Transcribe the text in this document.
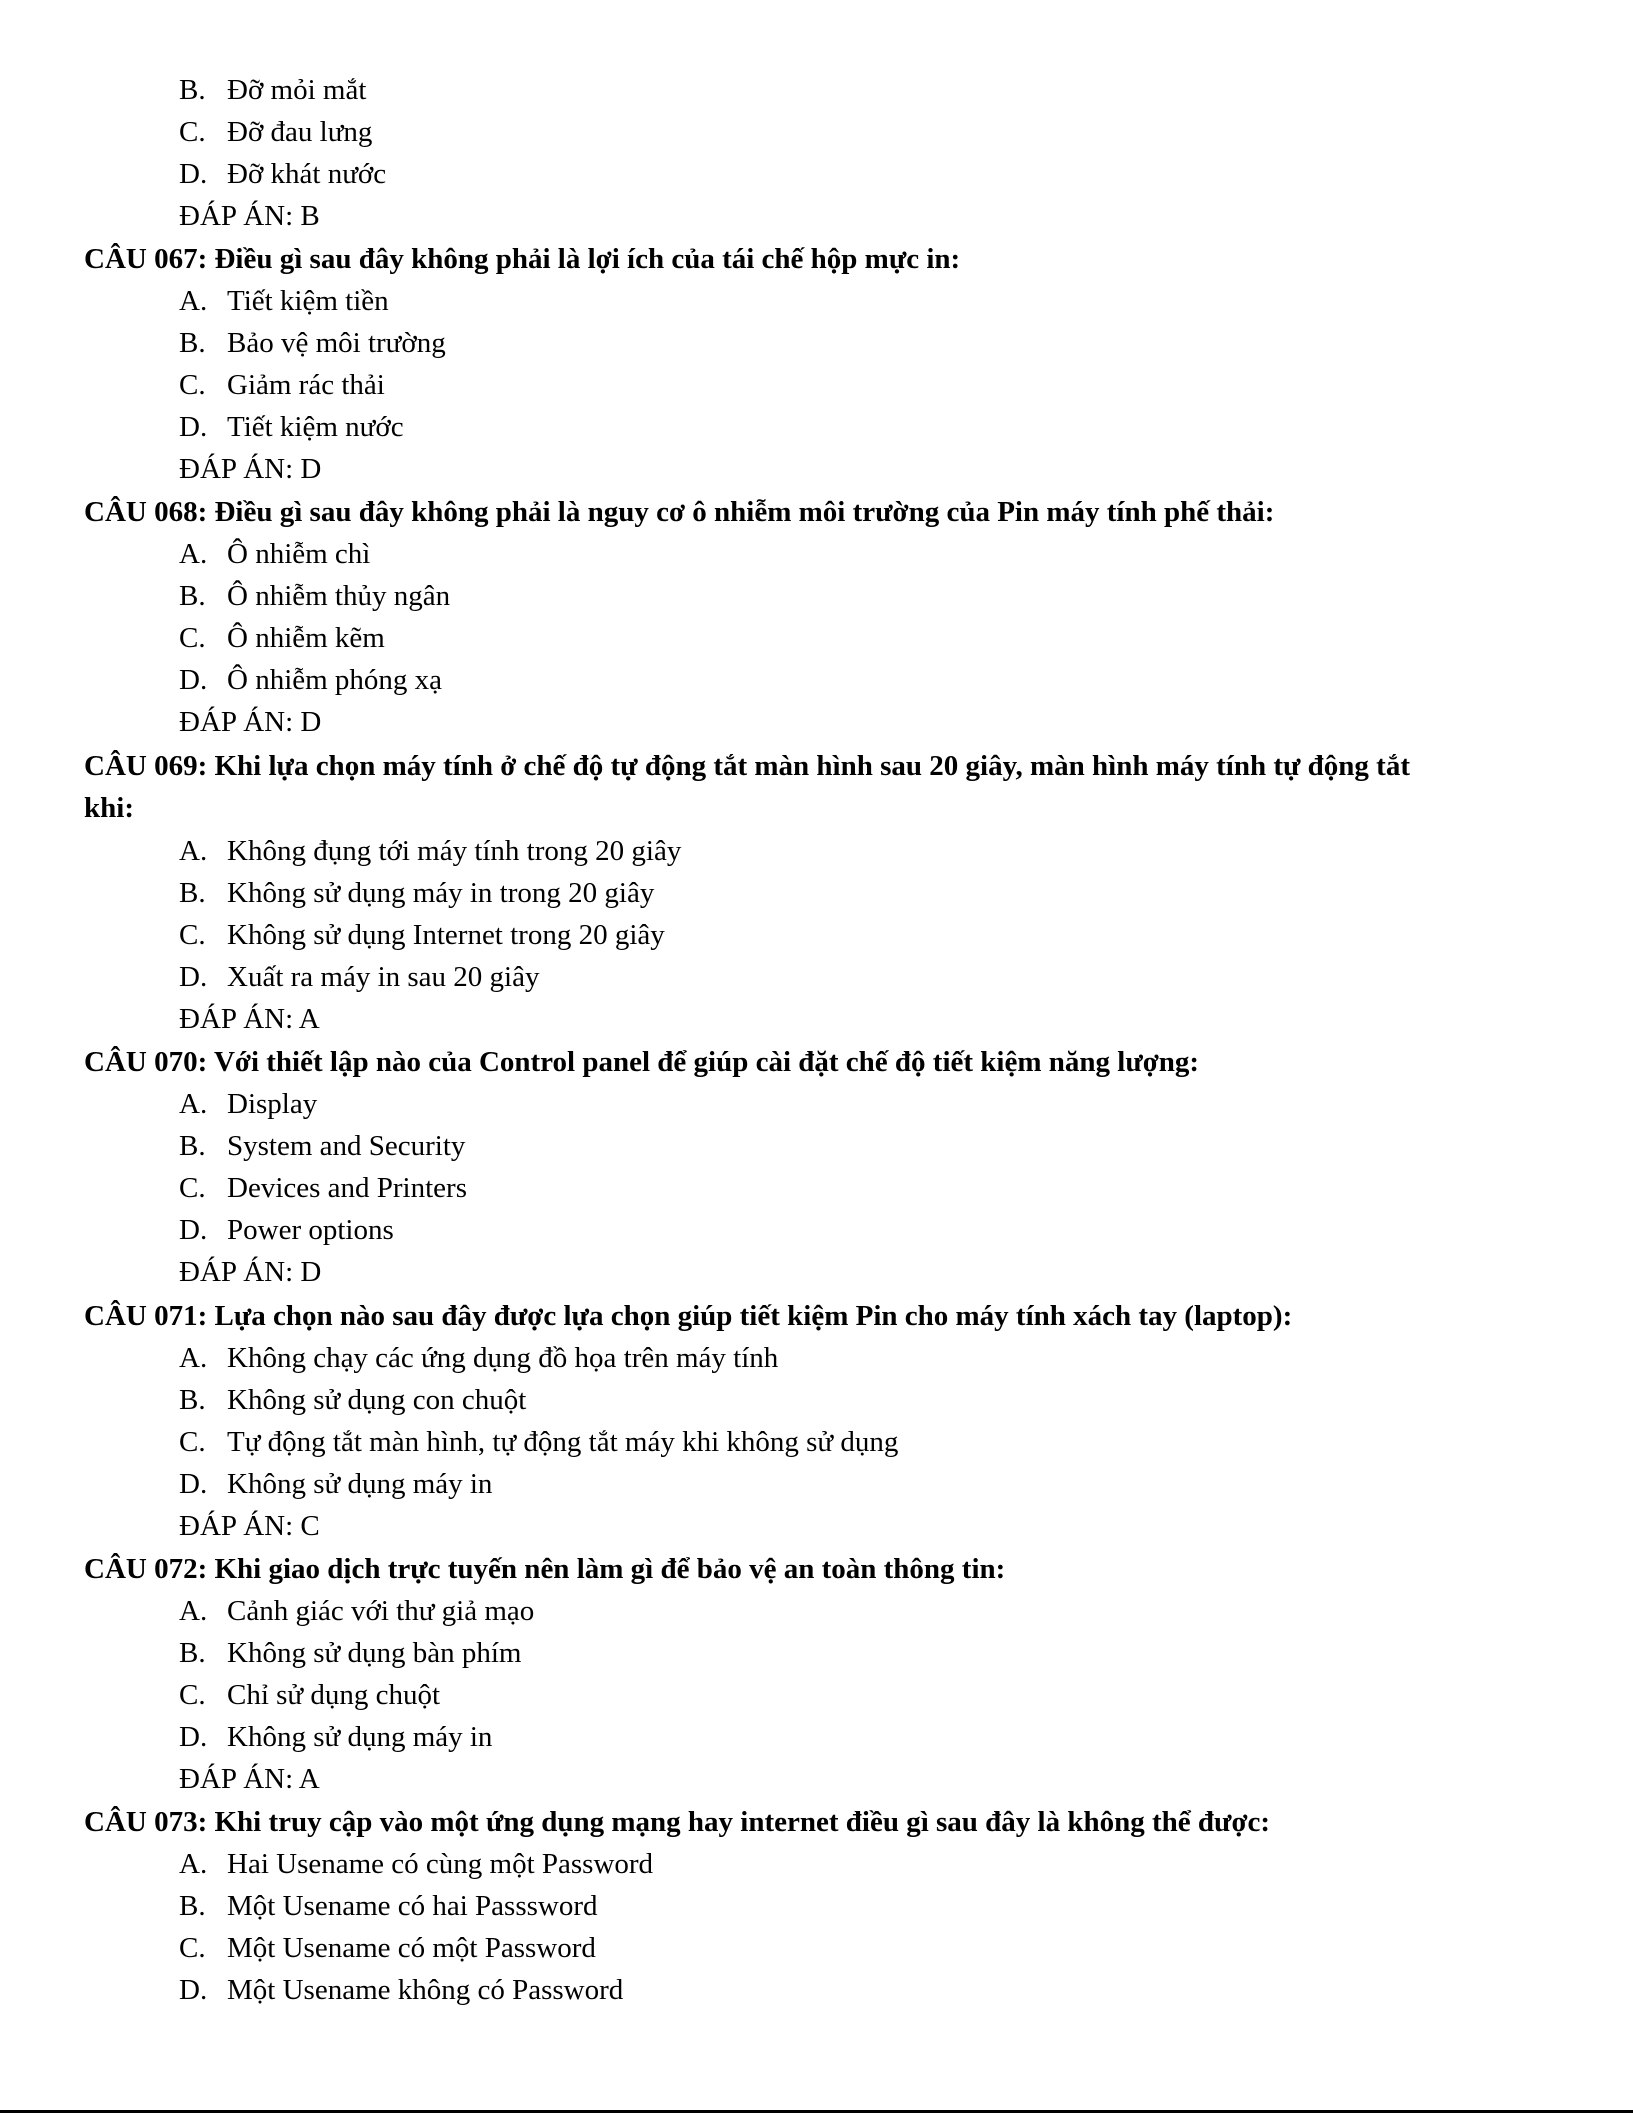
B. Đỡ mỏi mắt
C. Đỡ đau lưng
D. Đỡ khát nước
ĐÁP ÁN: B
CÂU 067: Điều gì sau đây không phải là lợi ích của tái chế hộp mực in:
A. Tiết kiệm tiền
B. Bảo vệ môi trường
C. Giảm rác thải
D. Tiết kiệm nước
ĐÁP ÁN: D
CÂU 068: Điều gì sau đây không phải là nguy cơ ô nhiễm môi trường của Pin máy tính phế thải:
A. Ô nhiễm chì
B. Ô nhiễm thủy ngân
C. Ô nhiễm kẽm
D. Ô nhiễm phóng xạ
ĐÁP ÁN: D
CÂU 069: Khi lựa chọn máy tính ở chế độ tự động tắt màn hình sau 20 giây, màn hình máy tính tự động tắt
khi:
A. Không đụng tới máy tính trong 20 giây
B. Không sử dụng máy in trong 20 giây
C. Không sử dụng Internet trong 20 giây
D. Xuất ra máy in sau 20 giây
ĐÁP ÁN: A
CÂU 070: Với thiết lập nào của Control panel để giúp cài đặt chế độ tiết kiệm năng lượng:
A. Display
B. System and Security
C. Devices and Printers
D. Power options
ĐÁP ÁN: D
CÂU 071: Lựa chọn nào sau đây được lựa chọn giúp tiết kiệm Pin cho máy tính xách tay (laptop):
A. Không chạy các ứng dụng đồ họa trên máy tính
B. Không sử dụng con chuột
C. Tự động tắt màn hình, tự động tắt máy khi không sử dụng
D. Không sử dụng máy in
ĐÁP ÁN: C
CÂU 072: Khi giao dịch trực tuyến nên làm gì để bảo vệ an toàn thông tin:
A. Cảnh giác với thư giả mạo
B. Không sử dụng bàn phím
C. Chỉ sử dụng chuột
D. Không sử dụng máy in
ĐÁP ÁN: A
CÂU 073: Khi truy cập vào một ứng dụng mạng hay internet điều gì sau đây là không thể được:
A. Hai Usename có cùng một Password
B. Một Usename có hai Passsword
C. Một Usename có một Password
D. Một Usename không có Password
